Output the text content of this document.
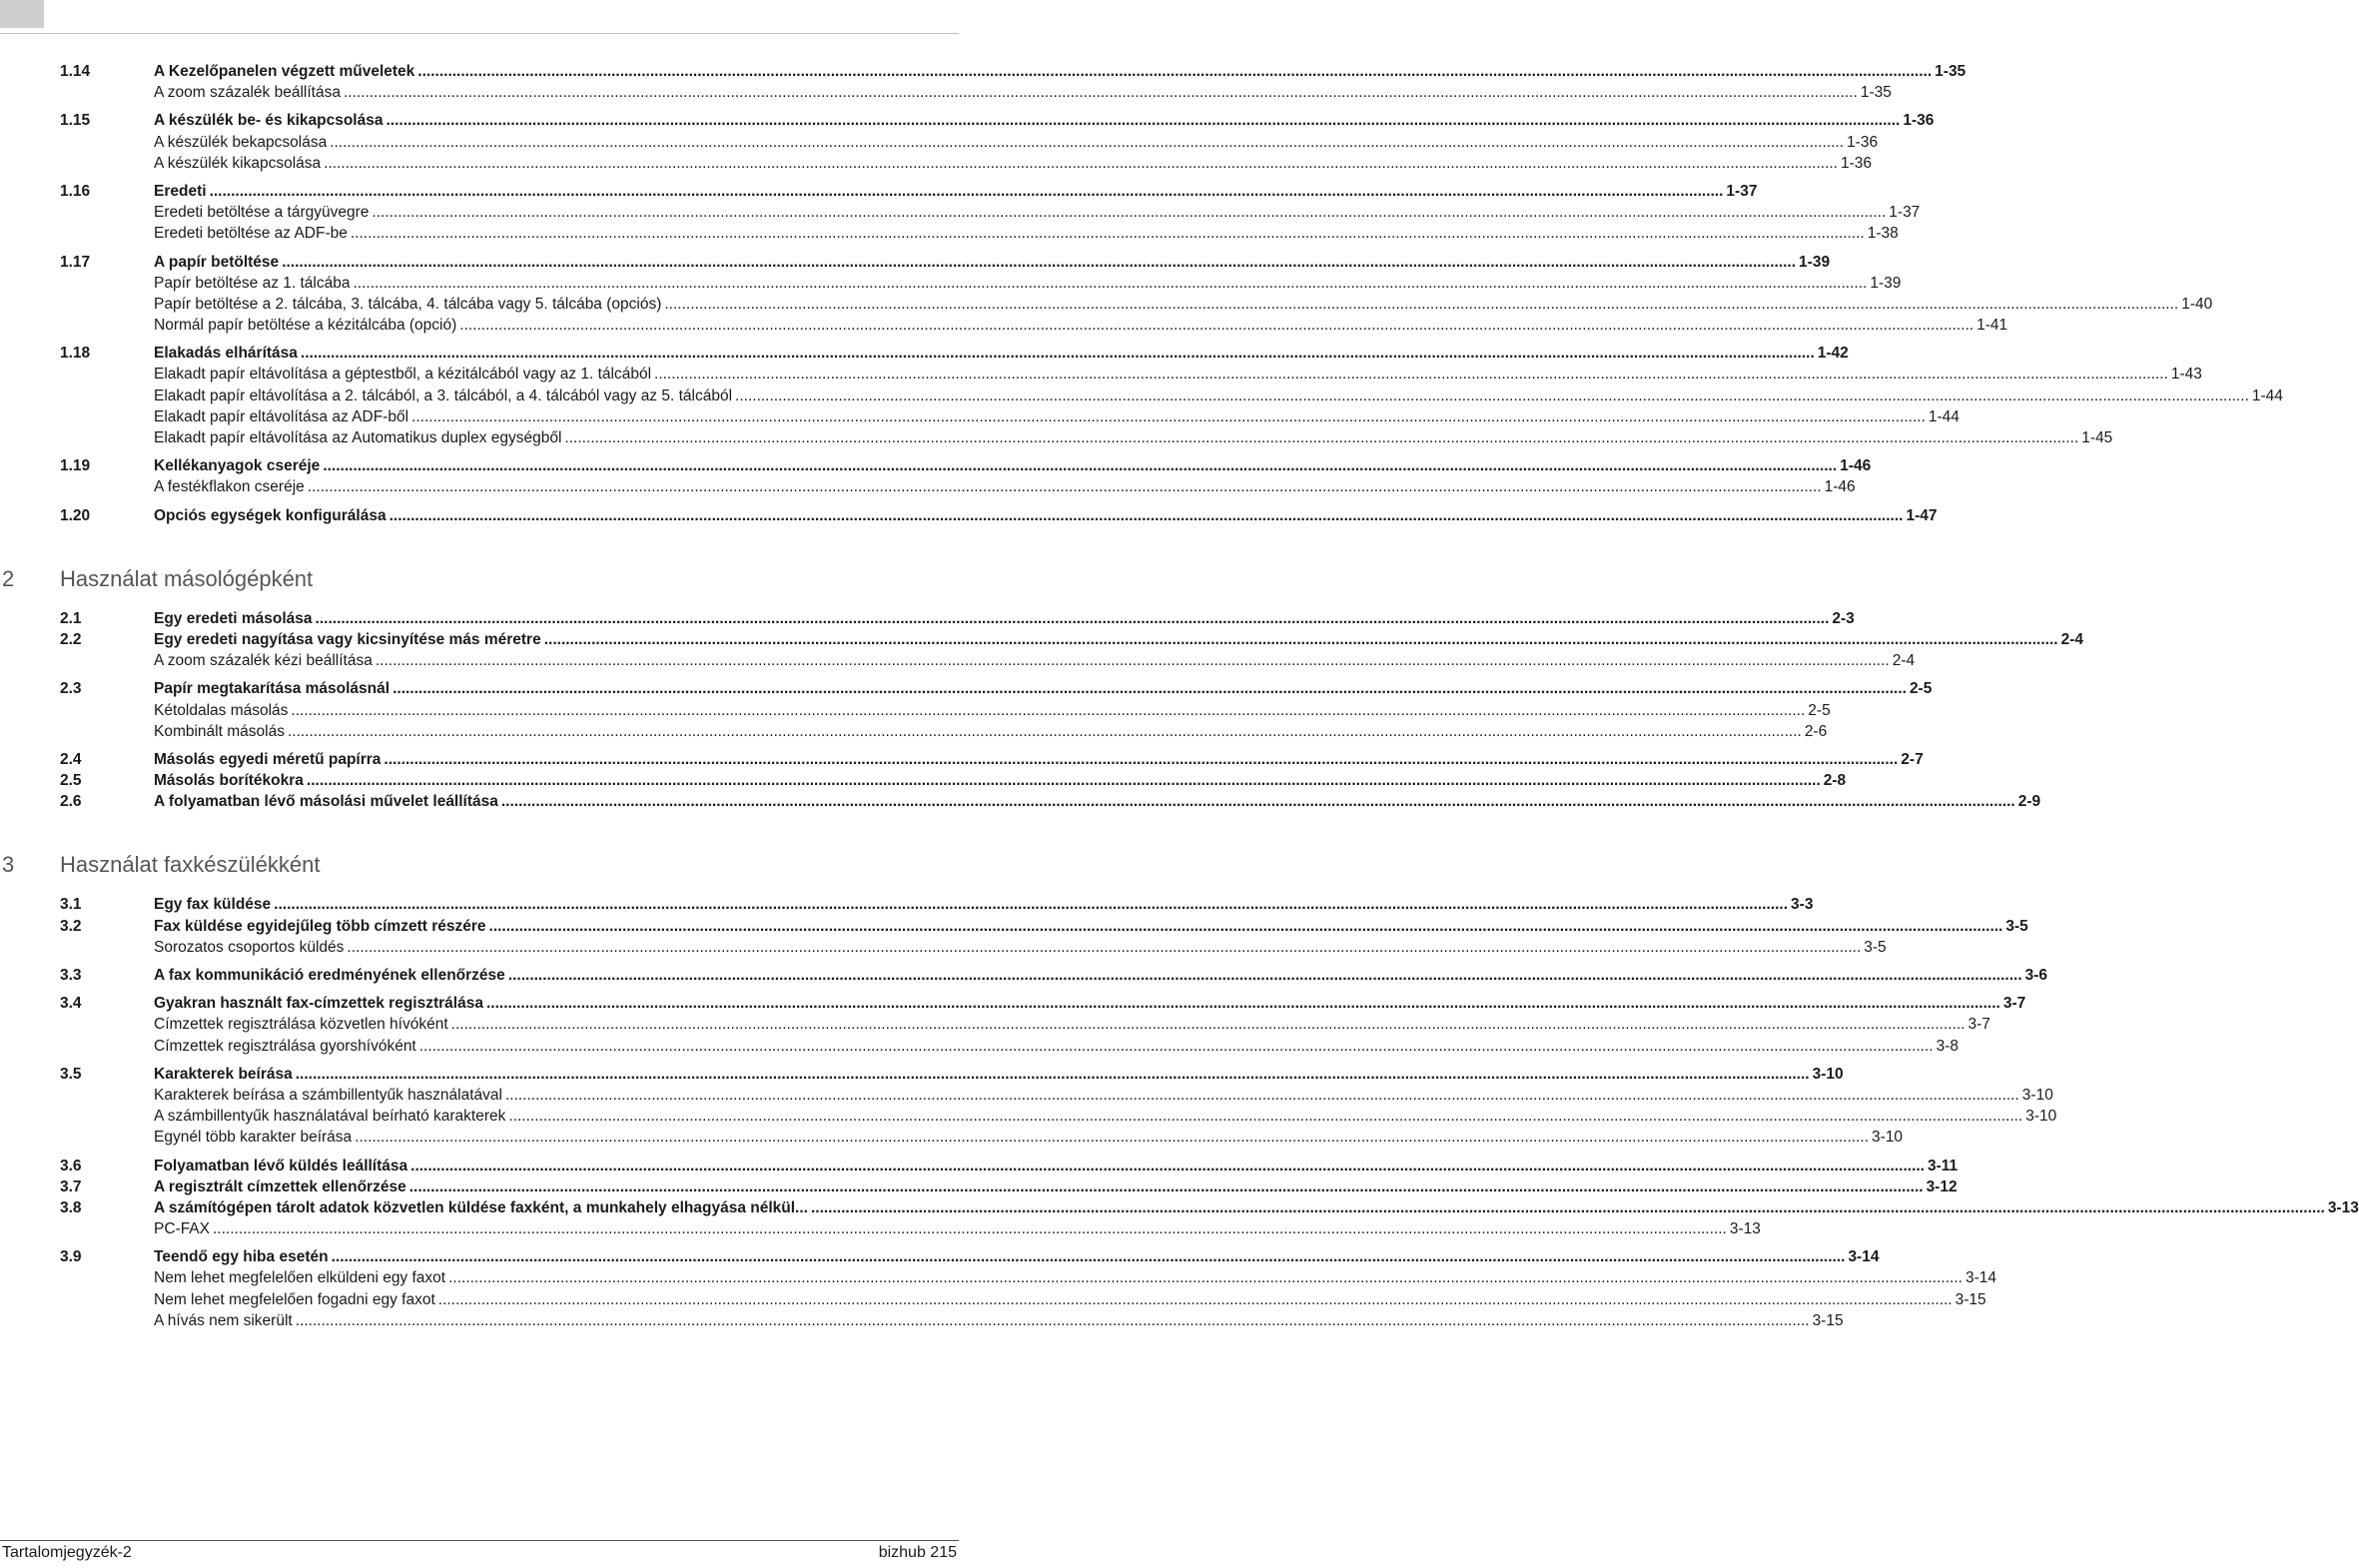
1.14	A Kezelőpanelen végzett műveletek .....	1-35
A zoom százalék beállítása .....	1-35
1.15	A készülék be- és kikapcsolása .....	1-36
A készülék bekapcsolása .....	1-36
A készülék kikapcsolása .....	1-36
1.16	Eredeti .....	1-37
Eredeti betöltése a tárgyüvegre .....	1-37
Eredeti betöltése az ADF-be .....	1-38
1.17	A papír betöltése .....	1-39
Papír betöltése az 1. tálcába .....	1-39
Papír betöltése a 2. tálcába, 3. tálcába, 4. tálcába vagy 5. tálcába (opciós) .....	1-40
Normál papír betöltése a kézitálcába (opció) .....	1-41
1.18	Elakadás elhárítása .....	1-42
Elakadt papír eltávolítása a géptestből, a kézitálcából vagy az 1. tálcából .....	1-43
Elakadt papír eltávolítása a 2. tálcából, a 3. tálcából, a 4. tálcából vagy az 5. tálcából .....	1-44
Elakadt papír eltávolítása az ADF-ből .....	1-44
Elakadt papír eltávolítása az Automatikus duplex egységből .....	1-45
1.19	Kellékanyagok cseréje .....	1-46
A festékflakon cseréje .....	1-46
1.20	Opciós egységek konfigurálása .....	1-47
2 Használat másológépként
2.1	Egy eredeti másolása .....	2-3
2.2	Egy eredeti nagyítása vagy kicsinyítése más méretre .....	2-4
A zoom százalék kézi beállítása .....	2-4
2.3	Papír megtakarítása másolásnál .....	2-5
Kétoldalas másolás .....	2-5
Kombinált másolás .....	2-6
2.4	Másolás egyedi méretű papírra .....	2-7
2.5	Másolás borítékokra .....	2-8
2.6	A folyamatban lévő másolási művelet leállítása .....	2-9
3 Használat faxkészülékként
3.1	Egy fax küldése .....	3-3
3.2	Fax küldése egyidejűleg több címzett részére .....	3-5
Sorozatos csoportos küldés .....	3-5
3.3	A fax kommunikáció eredményének ellenőrzése .....	3-6
3.4	Gyakran használt fax-címzettek regisztrálása .....	3-7
Címzettek regisztrálása közvetlen hívóként .....	3-7
Címzettek regisztrálása gyorshívóként .....	3-8
3.5	Karakterek beírása .....	3-10
Karakterek beírása a számbillentyűk használatával .....	3-10
A számbillentyűk használatával beírható karakterek .....	3-10
Egynél több karakter beírása .....	3-10
3.6	Folyamatban lévő küldés leállítása .....	3-11
3.7	A regisztrált címzettek ellenőrzése .....	3-12
3.8	A számítógépen tárolt adatok közvetlen küldése faxként, a munkahely elhagyása nélkül... .....	3-13
PC-FAX .....	3-13
3.9	Teendő egy hiba esetén .....	3-14
Nem lehet megfelelően elküldeni egy faxot .....	3-14
Nem lehet megfelelően fogadni egy faxot .....	3-15
A hívás nem sikerült .....	3-15
Tartalomjegyzék-2	bizhub 215
